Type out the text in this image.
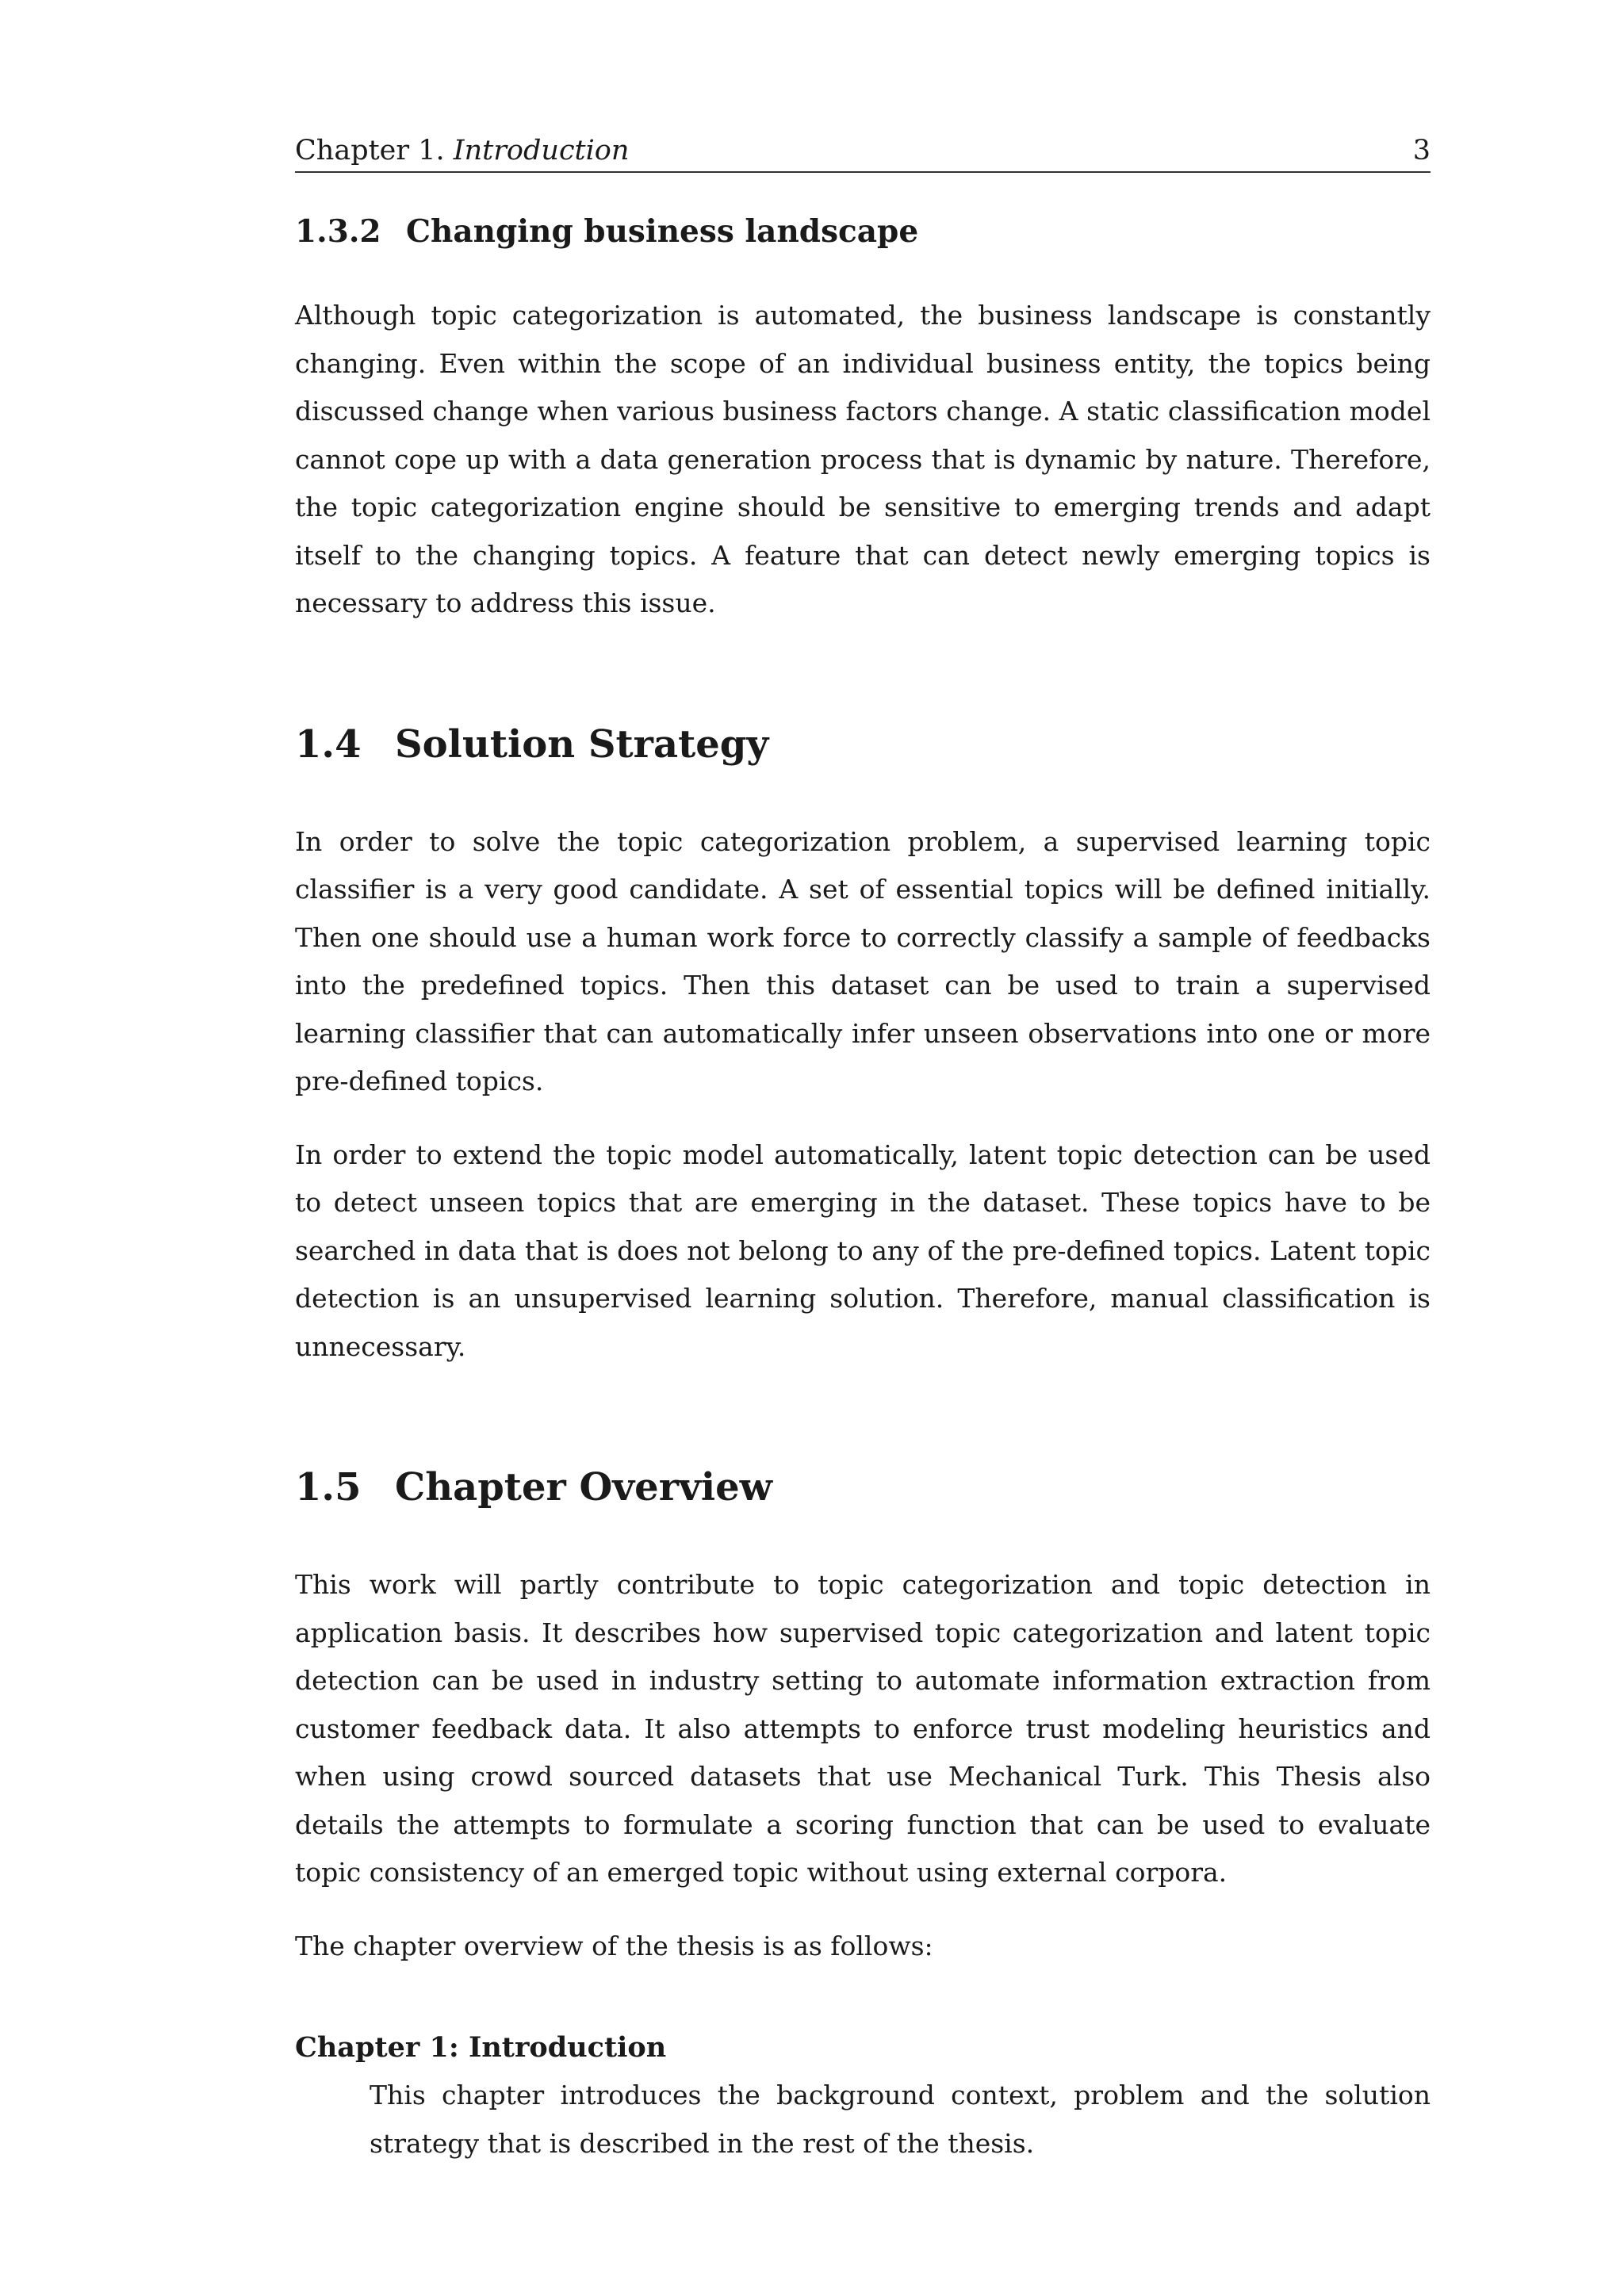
Chapter 1. Introduction	3
1.3.2 Changing business landscape

Although topic categorization is automated, the business landscape is constantly changing. Even within the scope of an individual business entity, the topics being discussed change when various business factors change. A static classification model cannot cope up with a data generation process that is dynamic by nature. Therefore, the topic categorization engine should be sensitive to emerging trends and adapt itself to the changing topics. A feature that can detect newly emerging topics is necessary to address this issue.

1.4 Solution Strategy

In order to solve the topic categorization problem, a supervised learning topic classifier is a very good candidate. A set of essential topics will be defined initially. Then one should use a human work force to correctly classify a sample of feedbacks into the predefined topics. Then this dataset can be used to train a supervised learning classifier that can automatically infer unseen observations into one or more pre-defined topics.

In order to extend the topic model automatically, latent topic detection can be used to detect unseen topics that are emerging in the dataset. These topics have to be searched in data that is does not belong to any of the pre-defined topics. Latent topic detection is an unsupervised learning solution. Therefore, manual classification is unnecessary.

1.5 Chapter Overview

This work will partly contribute to topic categorization and topic detection in application basis. It describes how supervised topic categorization and latent topic detection can be used in industry setting to automate information extraction from customer feedback data. It also attempts to enforce trust modeling heuristics and when using crowd sourced datasets that use Mechanical Turk. This Thesis also details the attempts to formulate a scoring function that can be used to evaluate topic consistency of an emerged topic without using external corpora.

The chapter overview of the thesis is as follows:

Chapter 1: Introduction

This chapter introduces the background context, problem and the solution strategy that is described in the rest of the thesis.
